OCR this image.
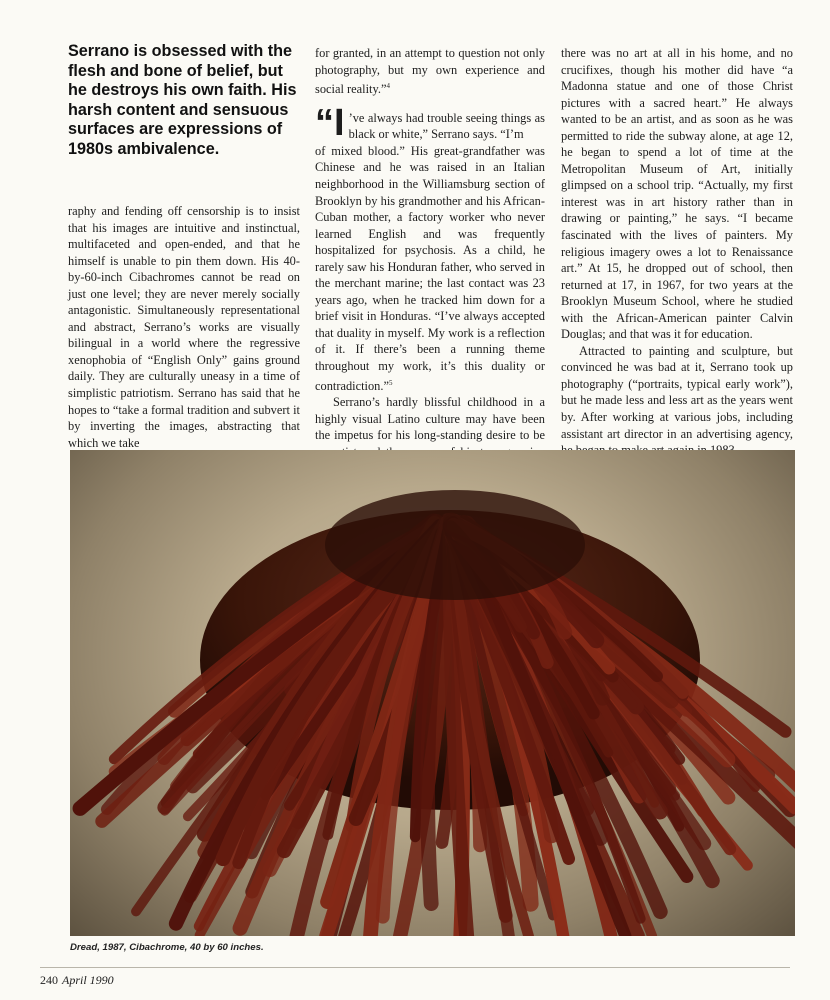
Serrano is obsessed with the flesh and bone of belief, but he destroys his own faith. His harsh content and sensuous surfaces are expressions of 1980s ambivalence.

raphy and fending off censorship is to insist that his images are intuitive and instinctual, multifaceted and open-ended, and that he himself is unable to pin them down. His 40-by-60-inch Cibachromes cannot be read on just one level; they are never merely socially antagonistic. Simultaneously representational and abstract, Serrano’s works are visually bilingual in a world where the regressive xenophobia of “English Only” gains ground daily. They are culturally uneasy in a time of simplistic patriotism. Serrano has said that he hopes to “take a formal tradition and subvert it by inverting the images, abstracting that which we take

for granted, in an attempt to question not only photography, but my own experience and social reality.”$^4$

“I ’ve always had trouble seeing things as black or white,” Serrano says. “I’m

of mixed blood.” His great-grandfather was Chinese and he was raised in an Italian neighborhood in the Williamsburg section of Brooklyn by his grandmother and his African-Cuban mother, a factory worker who never learned English and was frequently hospitalized for psychosis. As a child, he rarely saw his Honduran father, who served in the merchant marine; the last contact was 23 years ago, when he tracked him down for a brief visit in Honduras. “I’ve always accepted that duality in myself. My work is a reflection of it. If there’s been a running theme throughout my work, it’s this duality or contradiction.”$^5$

Serrano’s hardly blissful childhood in a highly visual Latino culture may have been the impetus for his long-standing desire to be

there was no art at all in his home, and no crucifixes, though his mother did have “a Madonna statue and one of those Christ pictures with a sacred heart.” He always wanted to be an artist, and as soon as he was permitted to ride the subway alone, at age 12, he began to spend a lot of time at the Metropolitan Museum of Art, initially glimpsed on a school trip. “Actually, my first interest was in art history rather than in drawing or painting,” he says. “I became fascinated with the lives of painters. My religious imagery owes a lot to Renaissance art.” At 15, he dropped out of school, then returned at 17, in 1967, for two years at the Brooklyn Museum School, where he studied with the African-American painter Calvin Douglas; and that was it for education.

Attracted to painting and sculpture, but convinced he was bad at it, Serrano took up photography (“portraits, typical early work”), but he made less and less art as the years went by. After working at various jobs, including assistant art director in an advertising agency,

Dread, 1987, Cibachrome, 40 by 60 inches.
240 April 1990
